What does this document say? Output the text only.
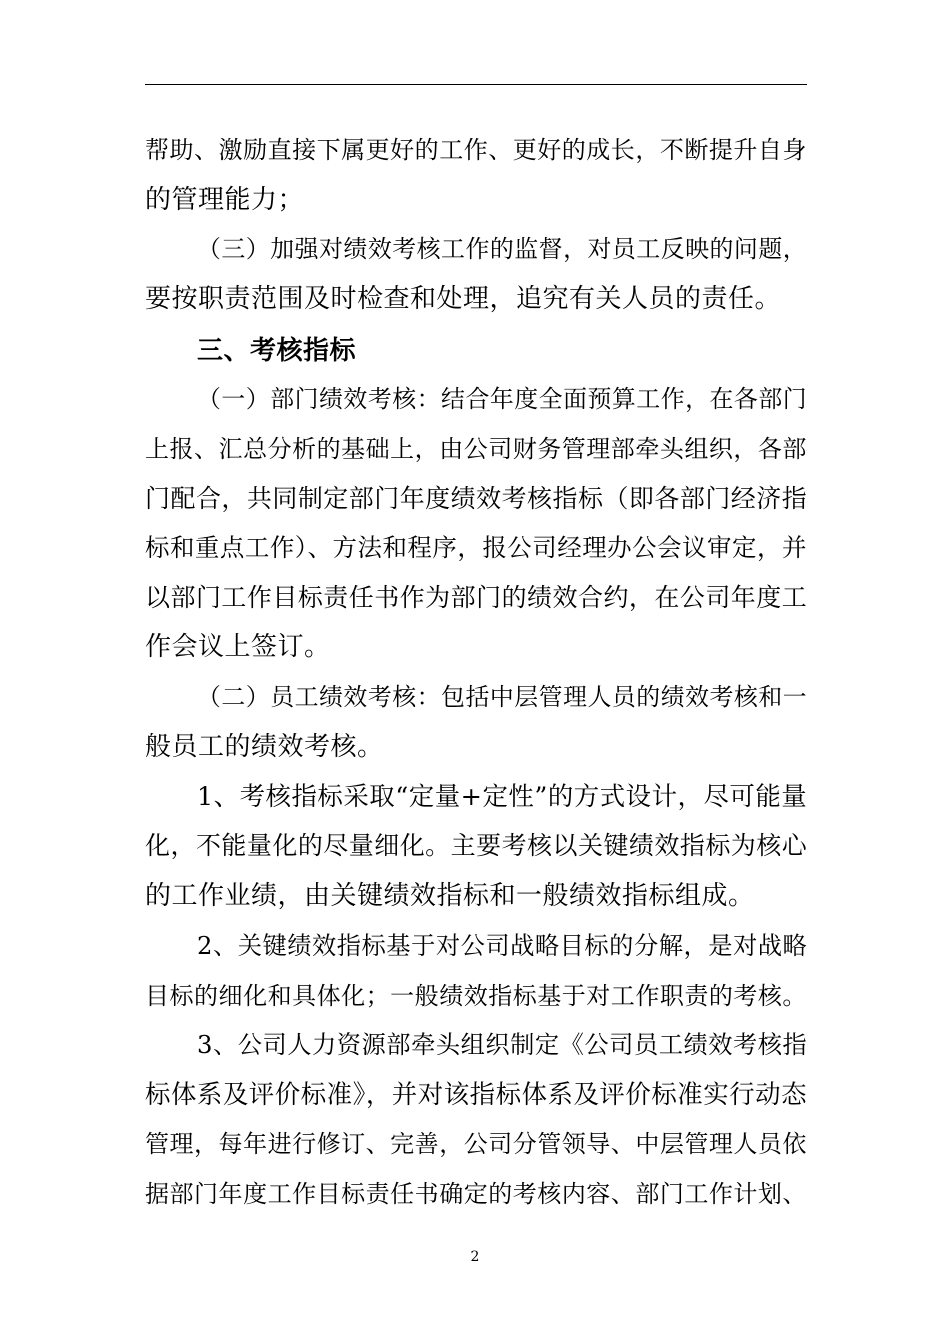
帮助、激励直接下属更好的工作、更好的成长，不断提升自身
的管理能力；
（三）加强对绩效考核工作的监督，对员工反映的问题，
要按职责范围及时检查和处理，追究有关人员的责任。
三、考核指标
（一）部门绩效考核：结合年度全面预算工作，在各部门
上报、汇总分析的基础上，由公司财务管理部牵头组织，各部
门配合，共同制定部门年度绩效考核指标（即各部门经济指
标和重点工作）、方法和程序，报公司经理办公会议审定，并
以部门工作目标责任书作为部门的绩效合约，在公司年度工
作会议上签订。
（二）员工绩效考核：包括中层管理人员的绩效考核和一
般员工的绩效考核。
1、考核指标采取“定量+定性”的方式设计，尽可能量
化，不能量化的尽量细化。主要考核以关键绩效指标为核心
的工作业绩，由关键绩效指标和一般绩效指标组成。
2、关键绩效指标基于对公司战略目标的分解，是对战略
目标的细化和具体化；一般绩效指标基于对工作职责的考核。
3、公司人力资源部牵头组织制定《公司员工绩效考核指
标体系及评价标准》，并对该指标体系及评价标准实行动态
管理，每年进行修订、完善，公司分管领导、中层管理人员依
据部门年度工作目标责任书确定的考核内容、部门工作计划、
2
